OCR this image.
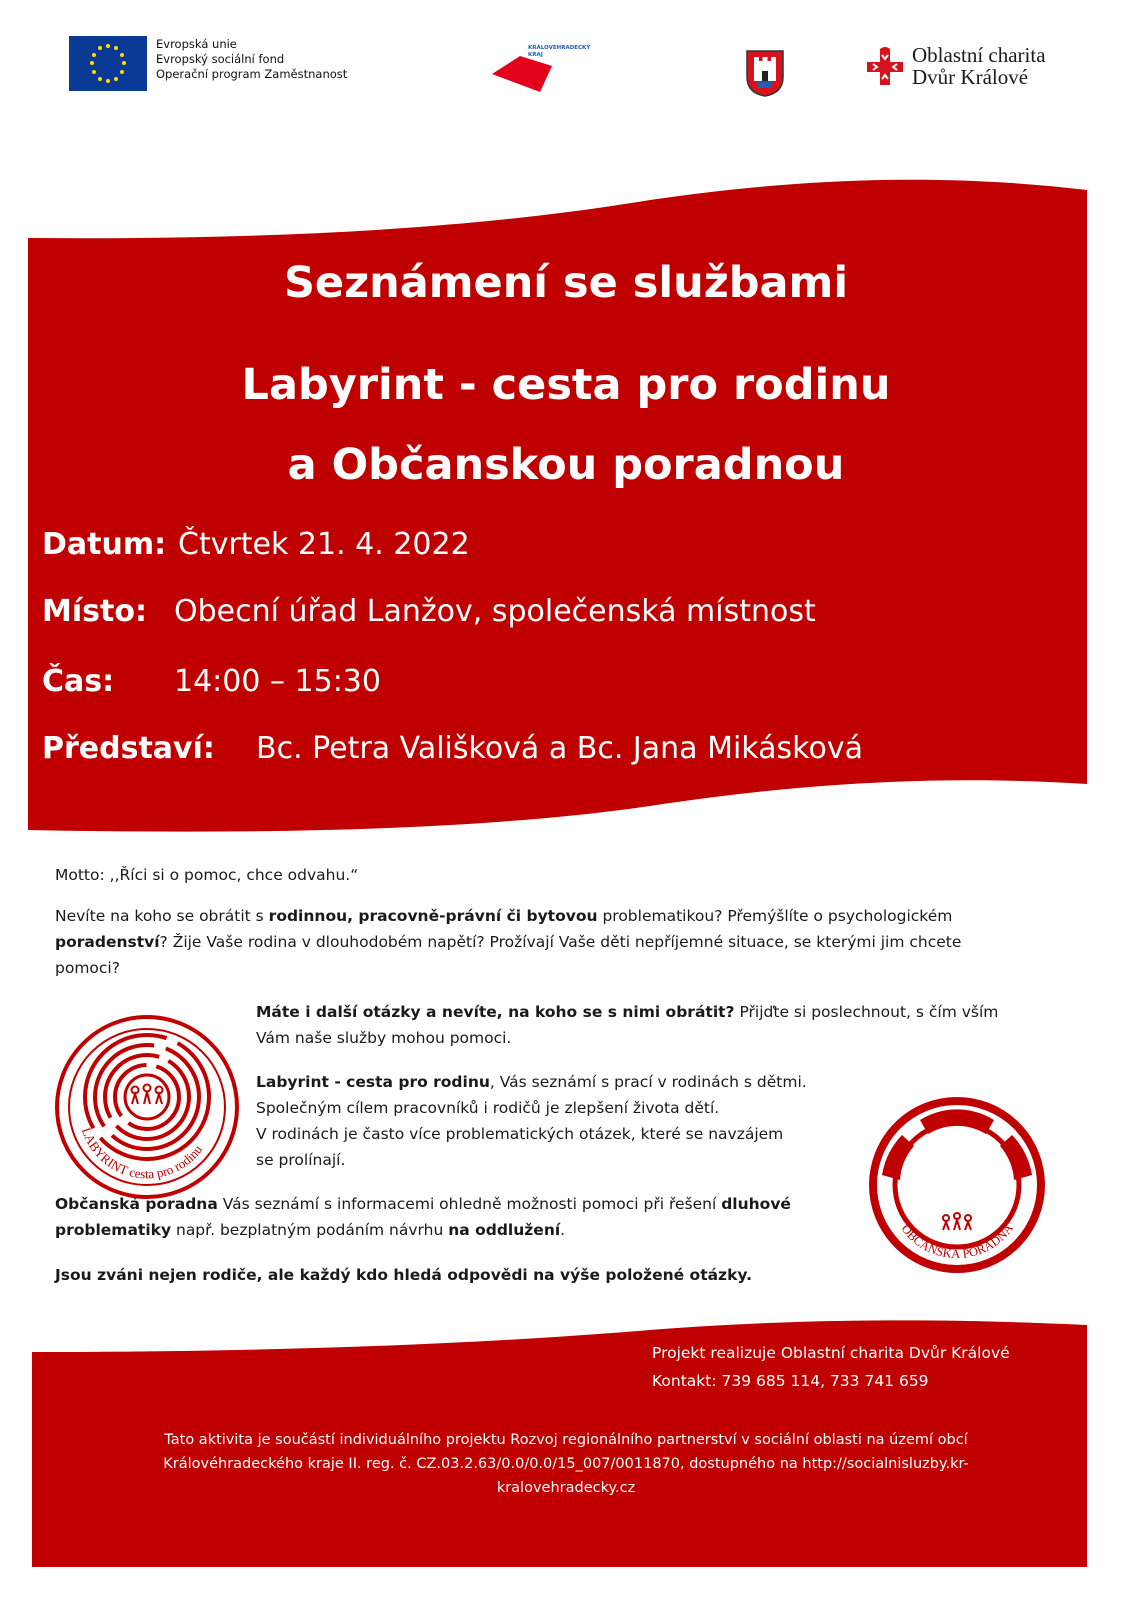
Evropská unie
Evropský sociální fond
Operační program Zaměstnanost
KRÁLOVÉHRADECKÝ
KRAJ	Oblastní charita
Dvůr Králové
Seznámení se službami
Labyrint - cesta pro rodinu
a Občanskou poradnou
Datum: Čtvrtek 21. 4. 2022
Místo: Obecní úřad Lanžov, společenská místnost
Čas: 14:00 – 15:30
Představí: Bc. Petra Vališková a Bc. Jana Mikásková
Motto: ,,Říci si o pomoc, chce odvahu.“
Nevíte na koho se obrátit s rodinnou, pracovně-právní či bytovou problematikou? Přemýšlíte o psychologickém
poradenství? Žije Vaše rodina v dlouhodobém napětí? Prožívají Vaše děti nepříjemné situace, se kterými jim chcete
pomoci?
Máte i další otázky a nevíte, na koho se s nimi obrátit? Přijďte si poslechnout, s čím vším
Vám naše služby mohou pomoci.
Labyrint - cesta pro rodinu, Vás seznámí s prací v rodinách s dětmi.
Společným cílem pracovníků i rodičů je zlepšení života dětí.
V rodinách je často více problematických otázek, které se navzájem
se prolínají.
Občanská poradna Vás seznámí s informacemi ohledně možnosti pomoci při řešení dluhové
problematiky např. bezplatným podáním návrhu na oddlužení.
Jsou zváni nejen rodiče, ale každý kdo hledá odpovědi na výše položené otázky.
LABYRINT cesta pro rodinu
OBČANSKÁ PORADNA
Projekt realizuje Oblastní charita Dvůr Králové
Kontakt: 739 685 114, 733 741 659
Tato aktivita je součástí individuálního projektu Rozvoj regionálního partnerství v sociální oblasti na území obcí
Královéhradeckého kraje II. reg. č. CZ.03.2.63/0.0/0.0/15_007/0011870, dostupného na http://socialnisluzby.kr-
kralovehradecky.cz
